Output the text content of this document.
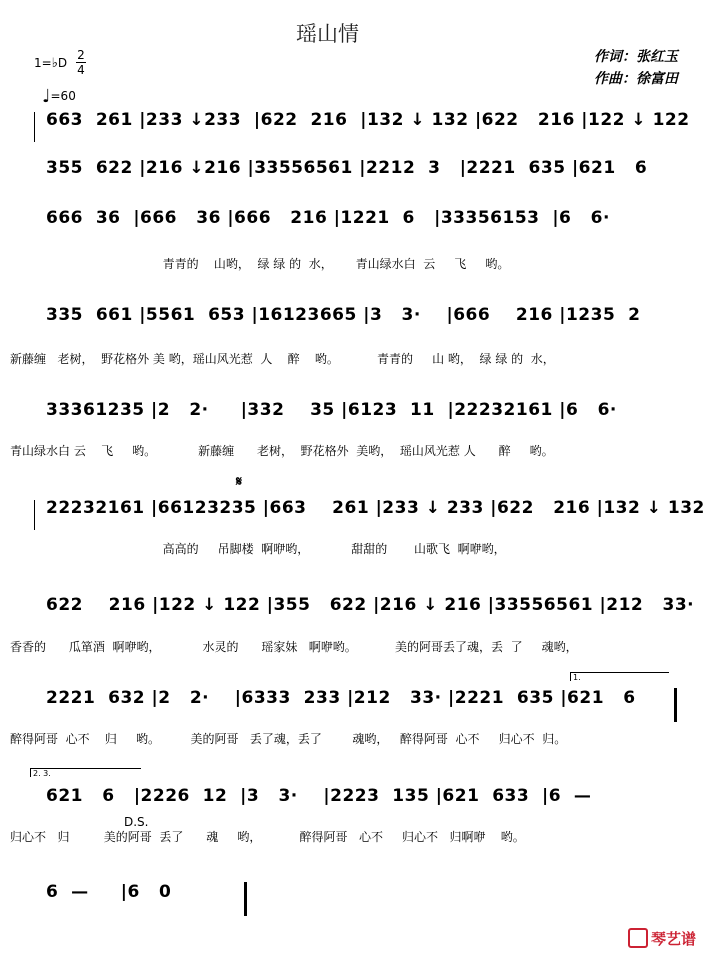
瑶山情
作词：张红玉
作曲：徐富田
1=♭D
2
4
♩=60
663  261 |233 ↓233  |622  216  |132 ↓ 132 |622   216 |122 ↓ 122
355  622 |216 ↓216 |33556561 |2212  3   |2221  635 |621   6
666  36  |666   36 |666   216 |1221  6   |33356153  |6   6·
青青的    山哟，  绿 绿 的  水，      青山绿水白  云     飞     哟。
335  661 |5561  653 |16123665 |3   3·    |666    216 |1235  2
新藤缠   老树，  野花格外 美 哟，瑶山风光惹  人    醉    哟。          青青的     山 哟，  绿 绿 的  水，
33361235 |2   2·     |332    35 |6123  11  |22232161 |6   6·
青山绿水白 云    飞     哟。           新藤缠      老树，  野花格外  美哟，  瑶山风光惹 人      醉     哟。
𝄋
22232161 |66123235 |663    261 |233 ↓ 233 |622   216 |132 ↓ 132
高高的     吊脚楼  啊咿哟，           甜甜的       山歌飞  啊咿哟，
622    216 |122 ↓ 122 |355   622 |216 ↓ 216 |33556561 |212   33·
香香的      瓜箪酒  啊咿哟，           水灵的      瑶家妹   啊咿哟。          美的阿哥丢了魂，丢  了     魂哟，
1.
2221  632 |2   2·    |6333  233 |212   33· |2221  635 |621   6
醉得阿哥  心不    归     哟。        美的阿哥   丢了魂，丢了        魂哟，   醉得阿哥  心不     归心不  归。
2. 3.
621   6   |2226  12  |3   3·    |2223  135 |621  633  |6  —
D.S.
归心不   归         美的阿哥  丢了      魂     哟，          醉得阿哥   心不     归心不   归啊咿    哟。
6  —     |6   0
琴艺谱
